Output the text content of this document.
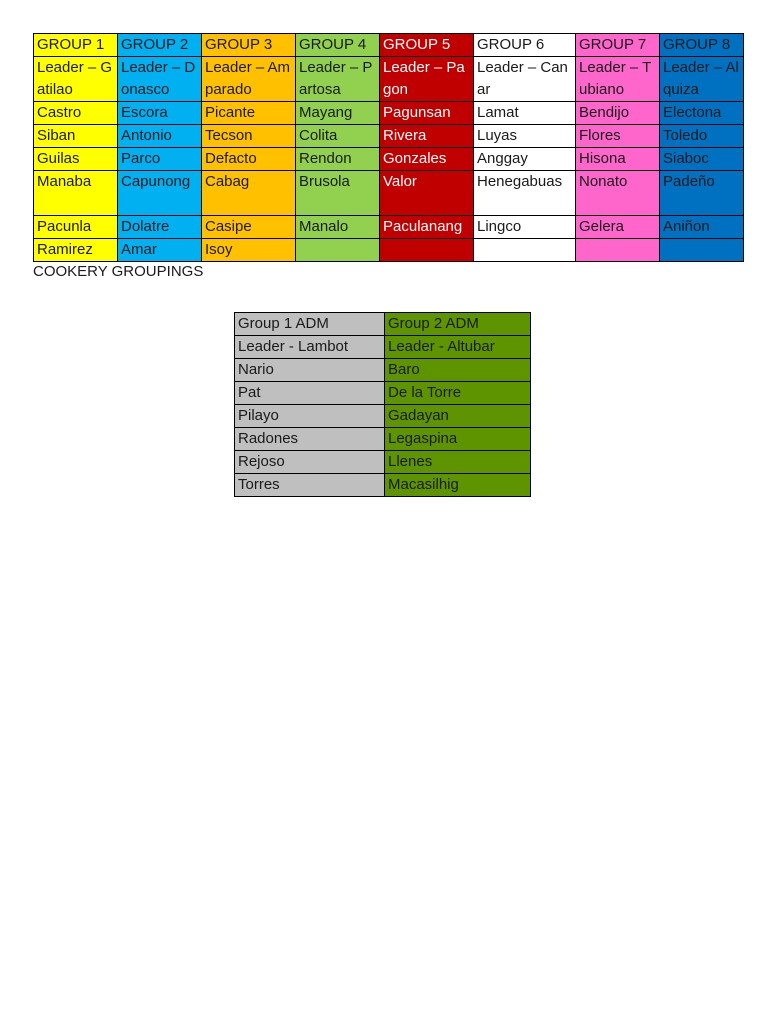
GROUP 1	GROUP 2	GROUP 3	GROUP 4	GROUP 5	GROUP 6	GROUP 7	GROUP 8
Leader – Gatilao	Leader – Donasco	Leader – Amparado	Leader – Partosa	Leader – Pagon	Leader – Canar	Leader – Tubiano	Leader – Alquiza
Castro	Escora	Picante	Mayang	Pagunsan	Lamat	Bendijo	Electona
Siban	Antonio	Tecson	Colita	Rivera	Luyas	Flores	Toledo
Guilas	Parco	Defacto	Rendon	Gonzales	Anggay	Hisona	Siaboc
Manaba	Capunong	Cabag	Brusola	Valor	Henegabuas	Nonato	Padeño
Pacunla	Dolatre	Casipe	Manalo	Paculanang	Lingco	Gelera	Aniñon
Ramirez	Amar	Isoy					
COOKERY GROUPINGS
Group 1 ADM	Group 2 ADM
Leader - Lambot	Leader - Altubar
Nario	Baro
Pat	De la Torre
Pilayo	Gadayan
Radones	Legaspina
Rejoso	Llenes
Torres	Macasilhig
